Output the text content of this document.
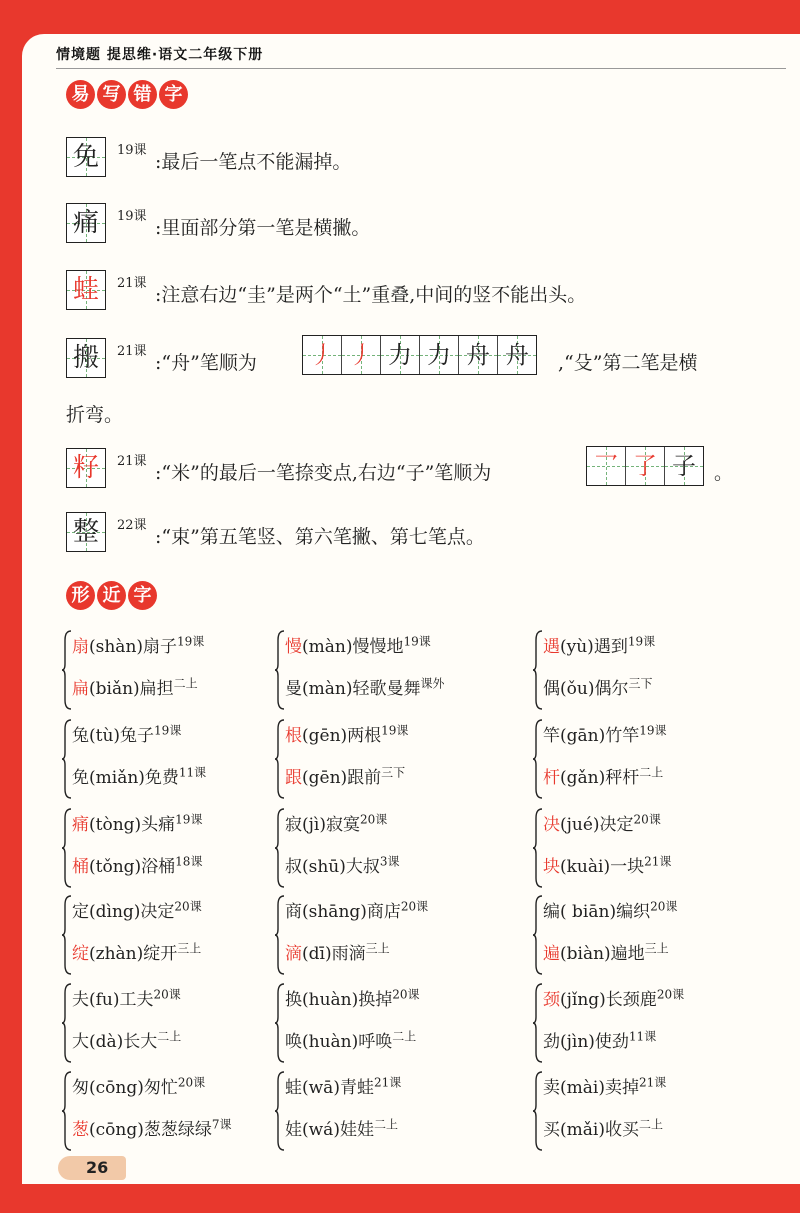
情境题 提思维·语文二年级下册
易 写 错 字
免	19课
:最后一笔点不能漏掉。
痛	19课
:里面部分第一笔是横撇。
蛙	21课
:注意右边“圭”是两个“土”重叠,中间的竖不能出头。
搬	21课
:“舟”笔顺为 丿 丿 力 力 舟 舟	,“殳”第二笔是横
折弯。
籽	21课
:“米”的最后一笔捺变点,右边“子”笔顺为	乛 了 子 。
整	22课
:“束”第五笔竖、第六笔撇、第七笔点。
形 近 字
扇(shàn)扇子$^{19课}$
扁(biǎn)扁担$^{二上}$
慢(màn)慢慢地$^{19课}$
曼(màn)轻歌曼舞$^{课外}$
遇(yù)遇到$^{19课}$
偶(ǒu)偶尔$^{三下}$
兔(tù)兔子$^{19课}$
免(miǎn)免费$^{11课}$
根(gēn)两根$^{19课}$
跟(gēn)跟前$^{三下}$
竿(gān)竹竿$^{19课}$
杆(gǎn)秤杆$^{二上}$
痛(tòng)头痛$^{19课}$
桶(tǒng)浴桶$^{18课}$
寂(jì)寂寞$^{20课}$
叔(shū)大叔$^{3课}$
决(jué)决定$^{20课}$
块(kuài)一块$^{21课}$
定(dìng)决定$^{20课}$
绽(zhàn)绽开$^{三上}$
商(shāng)商店$^{20课}$
滴(dī)雨滴$^{三上}$
编( biān)编织$^{20课}$
遍(biàn)遍地$^{三上}$
夫(fu)工夫$^{20课}$
大(dà)长大$^{二上}$
换(huàn)换掉$^{20课}$
唤(huàn)呼唤$^{二上}$
颈(jǐng)长颈鹿$^{20课}$
劲(jìn)使劲$^{11课}$
匆(cōng)匆忙$^{20课}$
葱(cōng)葱葱绿绿$^{7课}$
蛙(wā)青蛙$^{21课}$
娃(wá)娃娃$^{二上}$
卖(mài)卖掉$^{21课}$
买(mǎi)收买$^{二上}$
26
